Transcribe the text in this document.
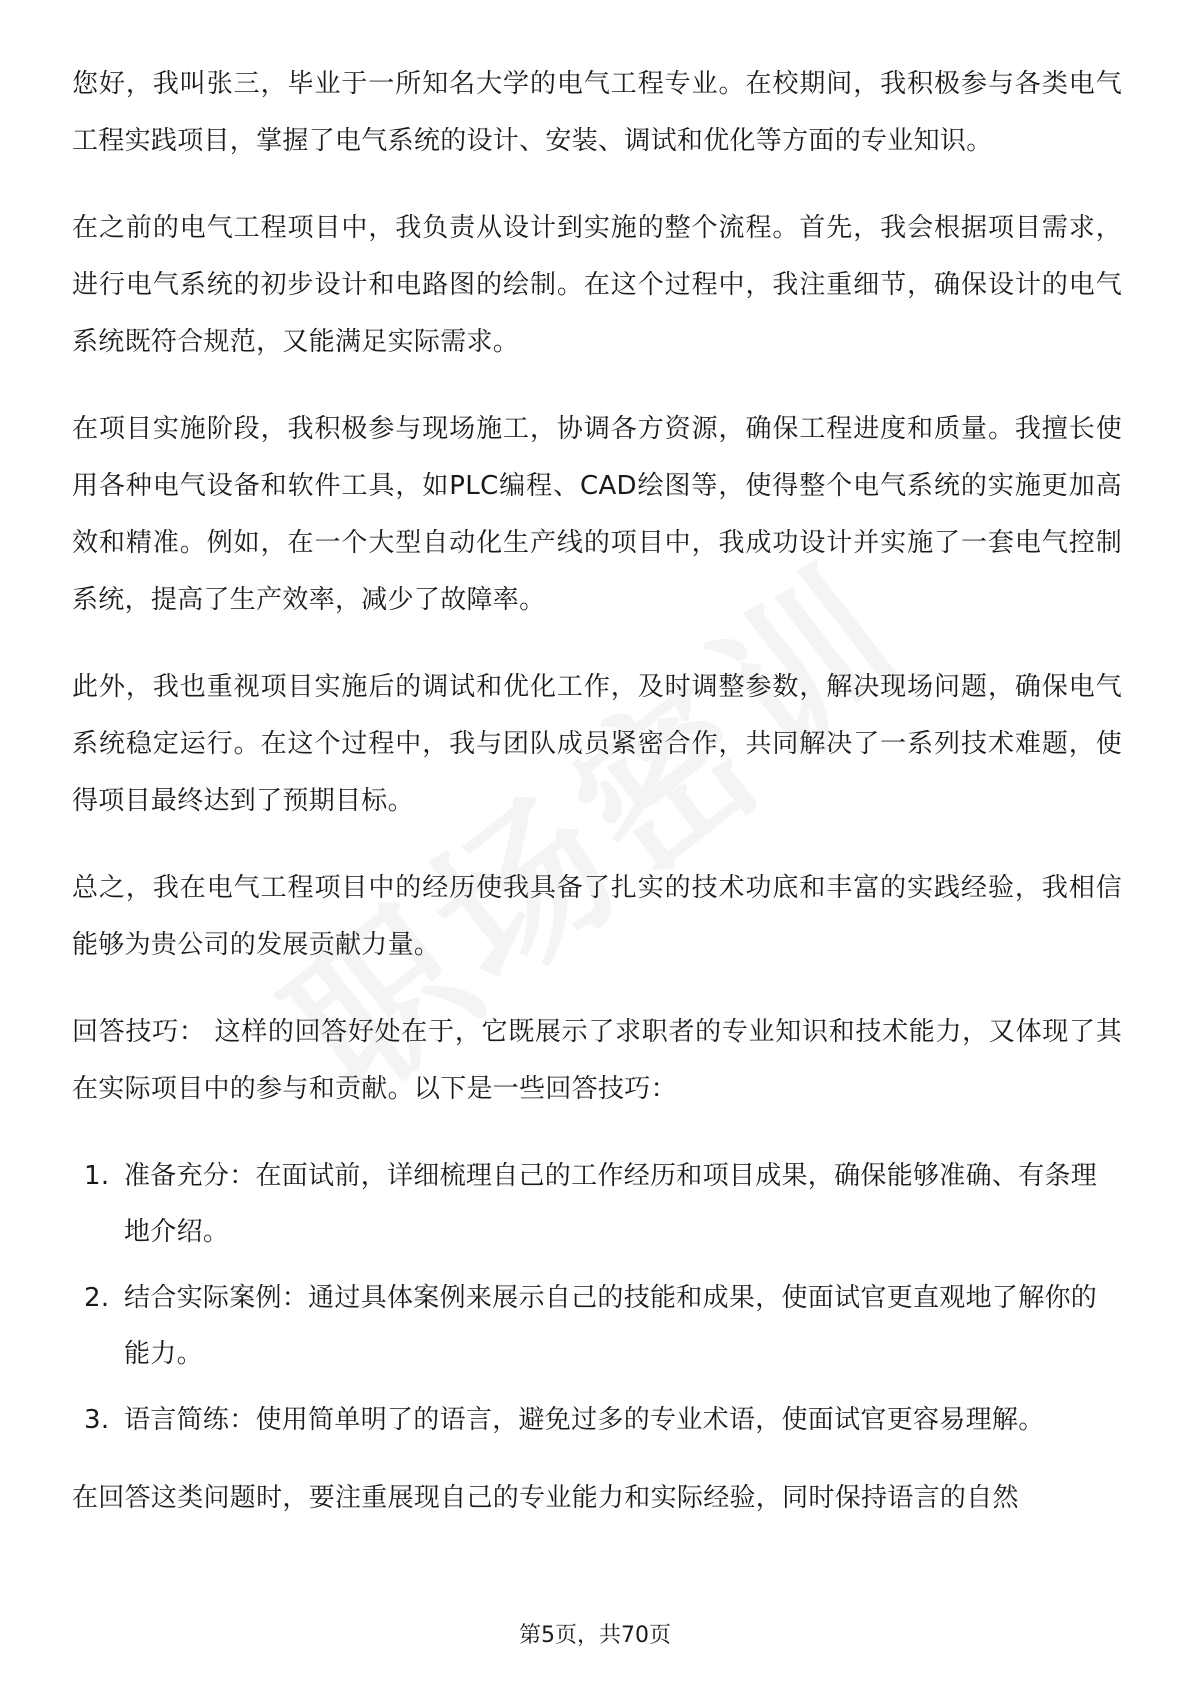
您好，我叫张三，毕业于一所知名大学的电气工程专业。在校期间，我积极参与各类电气工程实践项目，掌握了电气系统的设计、安装、调试和优化等方面的专业知识。

在之前的电气工程项目中，我负责从设计到实施的整个流程。首先，我会根据项目需求，进行电气系统的初步设计和电路图的绘制。在这个过程中，我注重细节，确保设计的电气系统既符合规范，又能满足实际需求。

在项目实施阶段，我积极参与现场施工，协调各方资源，确保工程进度和质量。我擅长使用各种电气设备和软件工具，如PLC编程、CAD绘图等，使得整个电气系统的实施更加高效和精准。例如，在一个大型自动化生产线的项目中，我成功设计并实施了一套电气控制系统，提高了生产效率，减少了故障率。

此外，我也重视项目实施后的调试和优化工作，及时调整参数，解决现场问题，确保电气系统稳定运行。在这个过程中，我与团队成员紧密合作，共同解决了一系列技术难题，使得项目最终达到了预期目标。

总之，我在电气工程项目中的经历使我具备了扎实的技术功底和丰富的实践经验，我相信能够为贵公司的发展贡献力量。

回答技巧： 这样的回答好处在于，它既展示了求职者的专业知识和技术能力，又体现了其在实际项目中的参与和贡献。以下是一些回答技巧：

1. 准备充分：在面试前，详细梳理自己的工作经历和项目成果，确保能够准确、有条理地介绍。
2. 结合实际案例：通过具体案例来展示自己的技能和成果，使面试官更直观地了解你的能力。
3. 语言简练：使用简单明了的语言，避免过多的专业术语，使面试官更容易理解。

在回答这类问题时，要注重展现自己的专业能力和实际经验，同时保持语言的自然

第5页，共70页
